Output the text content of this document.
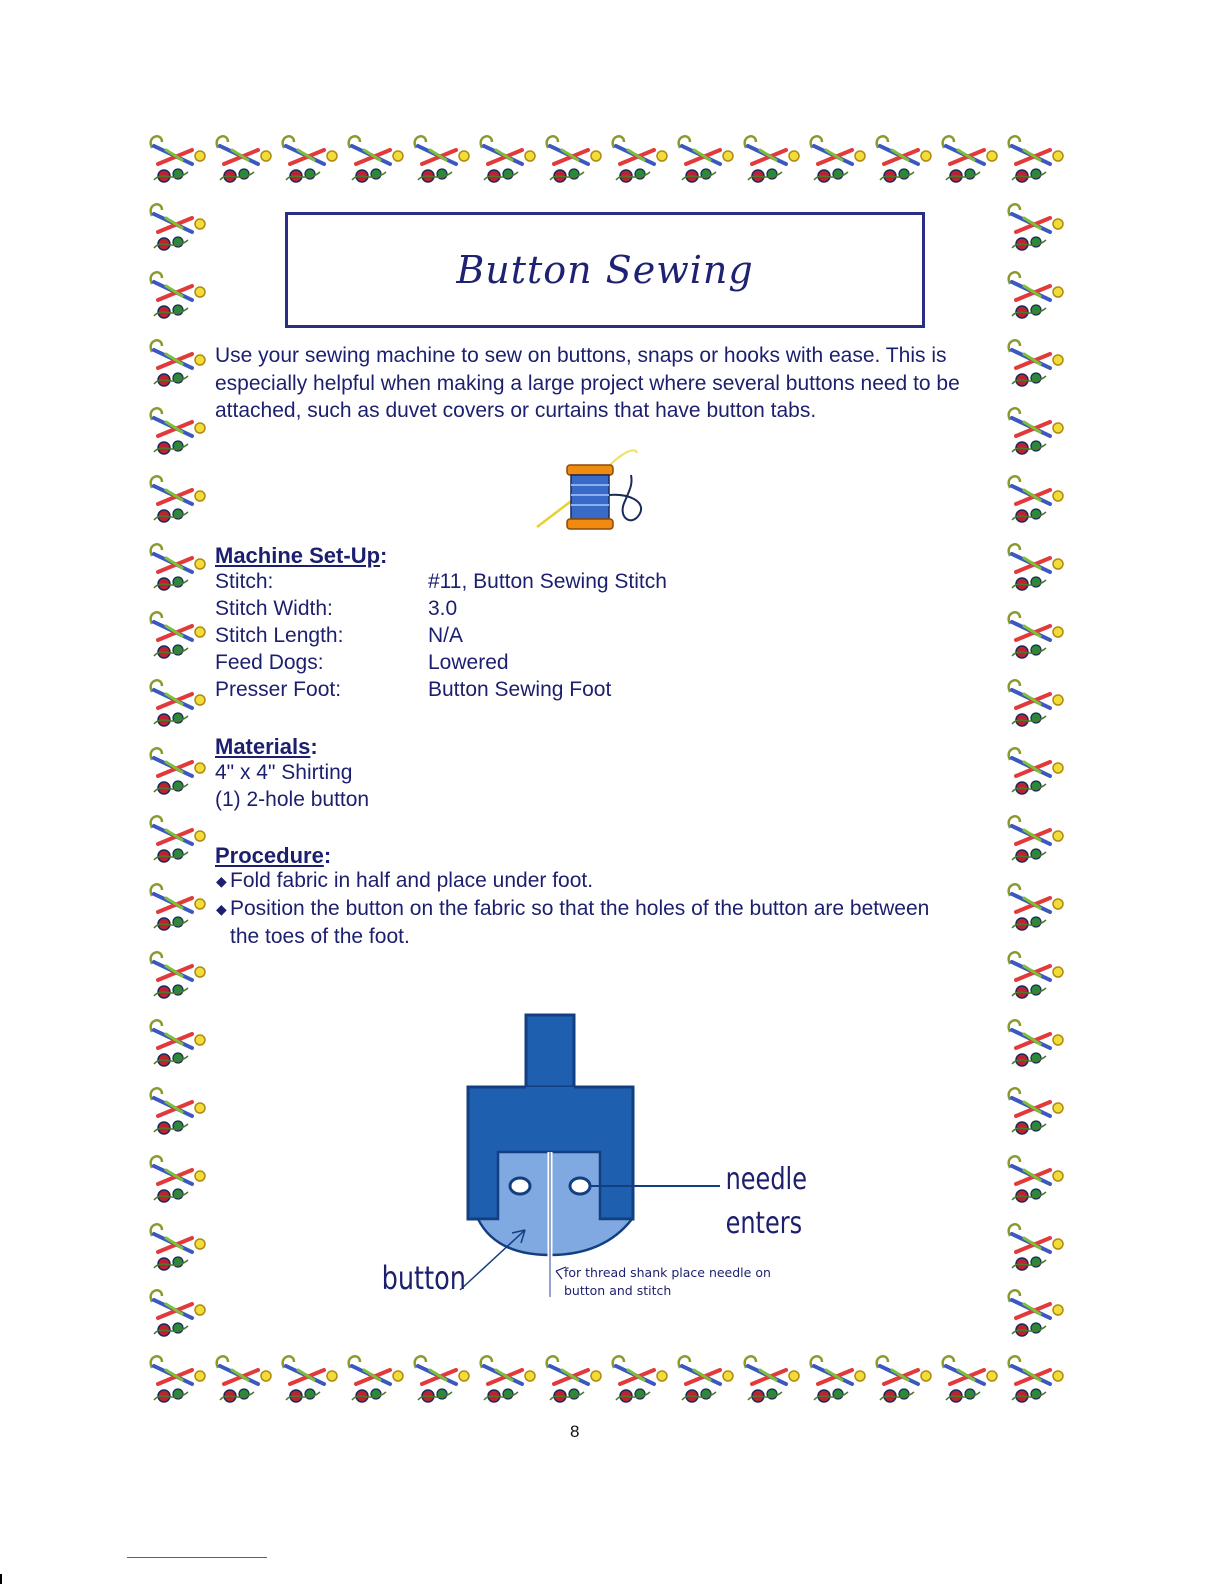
Button Sewing
Use your sewing machine to sew on buttons, snaps or hooks with ease. This is especially helpful when making a large project where several buttons need to be attached, such as duvet covers or curtains that have button tabs.
Machine Set-Up:
Stitch:	#11, Button Sewing Stitch
Stitch Width:	3.0
Stitch Length:	N/A
Feed Dogs:	Lowered
Presser Foot:	Button Sewing Foot
Materials:
4" x 4" Shirting
(1) 2-hole button
Procedure:
◆ Fold fabric in half and place under foot.
◆ Position the button on the fabric so that the holes of the button are between the toes of the foot.
needle
enters
button	for thread shank place needle on
button and stitch
8
